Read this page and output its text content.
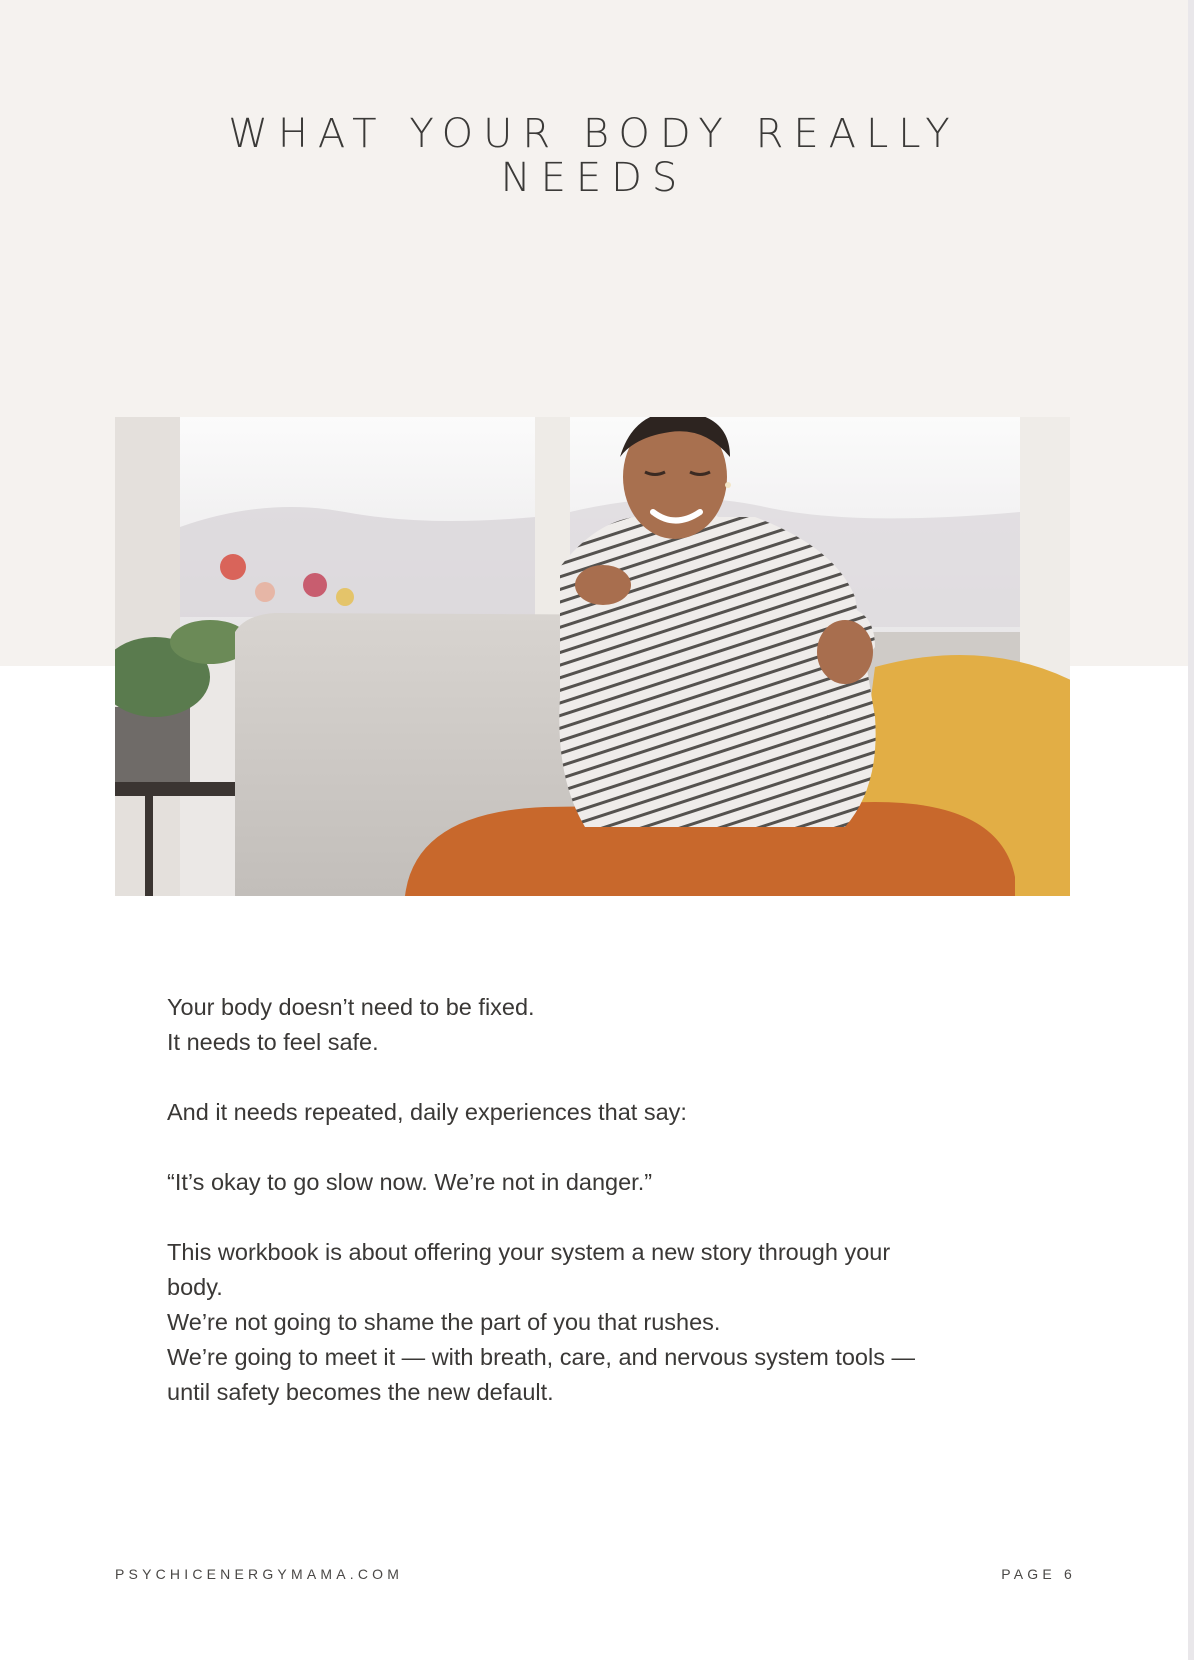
WHAT YOUR BODY REALLY
NEEDS

Your body doesn’t need to be fixed.

It needs to feel safe.

And it needs repeated, daily experiences that say:

“It’s okay to go slow now. We’re not in danger.”

This workbook is about offering your system a new story through your

body.

We’re not going to shame the part of you that rushes.

We’re going to meet it — with breath, care, and nervous system tools —

until safety becomes the new default.

PSYCHICENERGYMAMA.COM	PAGE 6
